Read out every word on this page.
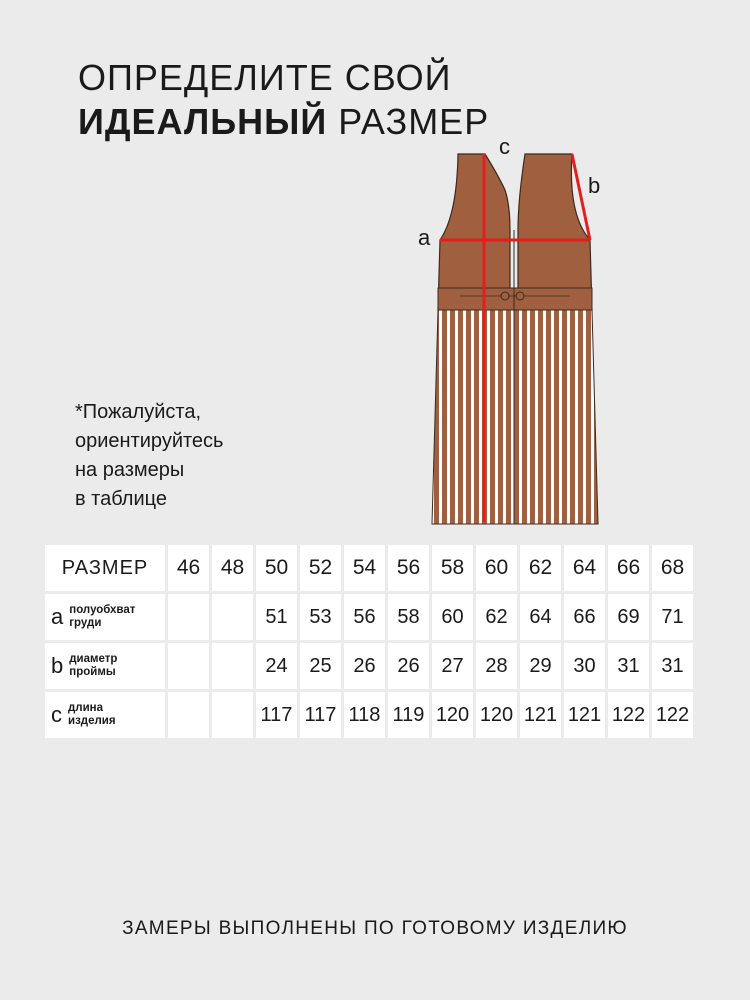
ОПРЕДЕЛИТЕ СВОЙ
ИДЕАЛЬНЫЙ РАЗМЕР
*Пожалуйста,
ориентируйтесь
на размеры
в таблице
c
a
b
РАЗМЕР	46	48	50	52	54	56	58	60	62	64	66	68

a полуобхват
груди			51	53	56	58	60	62	64	66	69	71

b диаметр
проймы			24	25	26	26	27	28	29	30	31	31

c длина
изделия			117	117	118	119	120	120	121	121	122	122
ЗАМЕРЫ ВЫПОЛНЕНЫ ПО ГОТОВОМУ ИЗДЕЛИЮ
